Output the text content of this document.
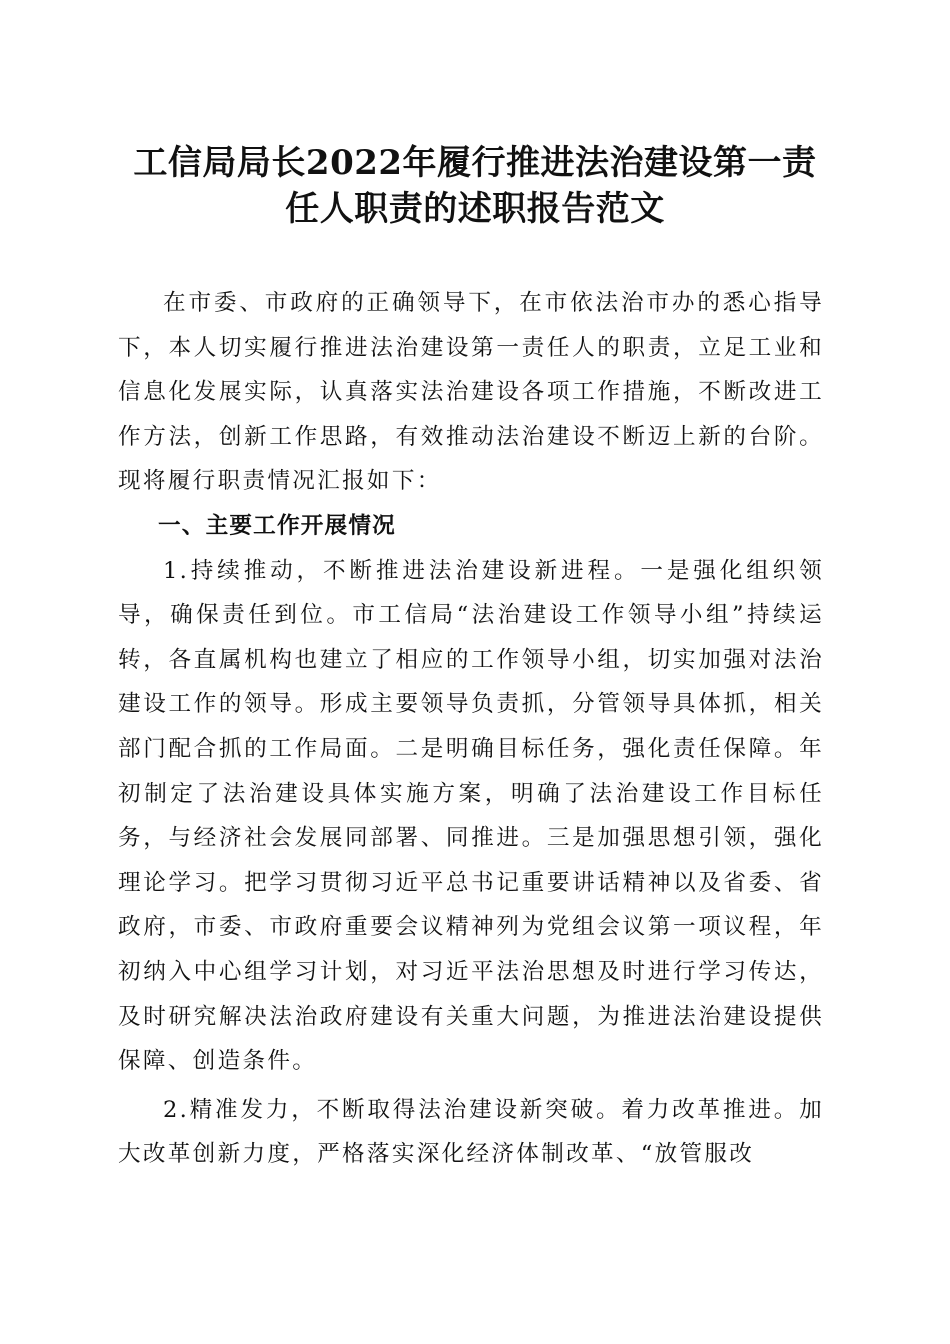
工信局局长2022年履行推进法治建设第一责
任人职责的述职报告范文

在市委、市政府的正确领导下，在市依法治市办的悉心指导下，本人切实履行推进法治建设第一责任人的职责，立足工业和信息化发展实际，认真落实法治建设各项工作措施，不断改进工作方法，创新工作思路，有效推动法治建设不断迈上新的台阶。现将履行职责情况汇报如下：

一、主要工作开展情况

1.持续推动，不断推进法治建设新进程。一是强化组织领导，确保责任到位。市工信局“法治建设工作领导小组”持续运转，各直属机构也建立了相应的工作领导小组，切实加强对法治建设工作的领导。形成主要领导负责抓，分管领导具体抓，相关部门配合抓的工作局面。二是明确目标任务，强化责任保障。年初制定了法治建设具体实施方案，明确了法治建设工作目标任务，与经济社会发展同部署、同推进。三是加强思想引领，强化理论学习。把学习贯彻习近平总书记重要讲话精神以及省委、省政府，市委、市政府重要会议精神列为党组会议第一项议程，年初纳入中心组学习计划，对习近平法治思想及时进行学习传达，及时研究解决法治政府建设有关重大问题，为推进法治建设提供保障、创造条件。

2.精准发力，不断取得法治建设新突破。着力改革推进。加大改革创新力度，严格落实深化经济体制改革、“放管服改
